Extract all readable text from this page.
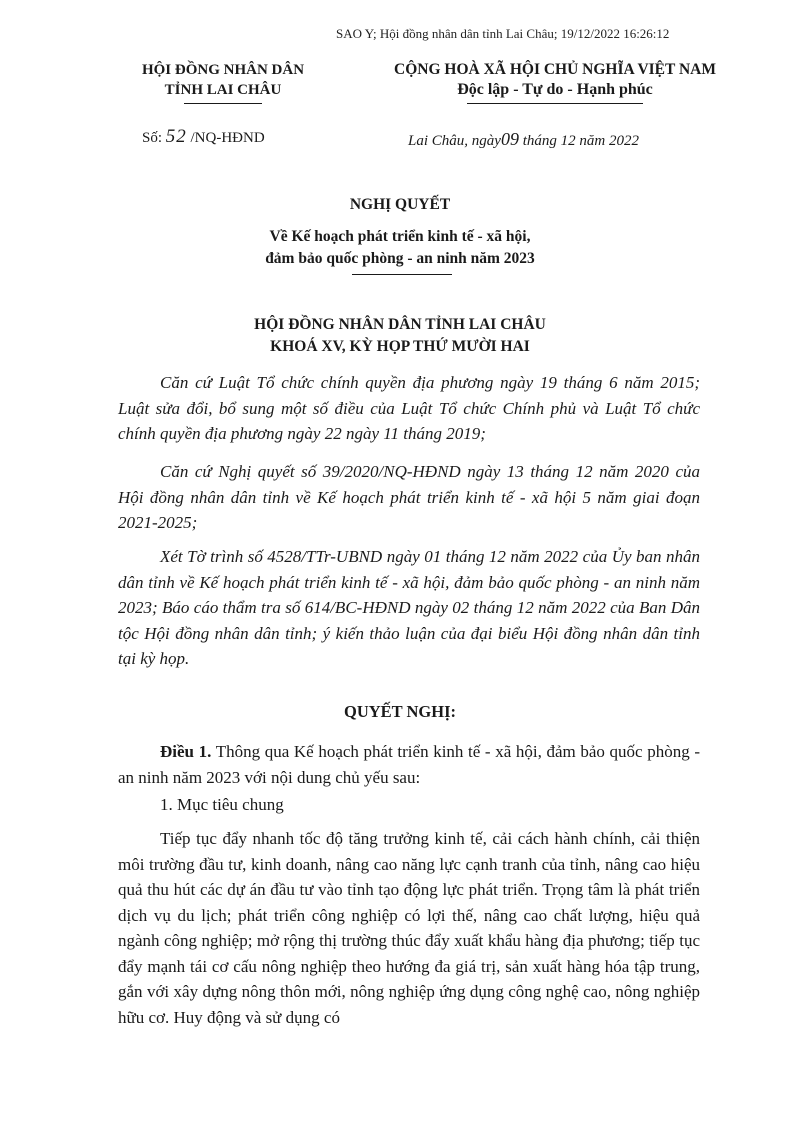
SAO Y; Hội đồng nhân dân tỉnh Lai Châu; 19/12/2022 16:26:12
HỘI ĐỒNG NHÂN DÂN
TỈNH LAI CHÂU
CỘNG HOÀ XÃ HỘI CHỦ NGHĨA VIỆT NAM
Độc lập - Tự do - Hạnh phúc
Số: 52 /NQ-HĐND	Lai Châu, ngày09 tháng 12 năm 2022
NGHỊ QUYẾT
Về Kế hoạch phát triển kinh tế - xã hội,
đảm bảo quốc phòng - an ninh năm 2023
HỘI ĐỒNG NHÂN DÂN TỈNH LAI CHÂU
KHOÁ XV, KỲ HỌP THỨ MƯỜI HAI

Căn cứ Luật Tổ chức chính quyền địa phương ngày 19 tháng 6 năm 2015; Luật sửa đổi, bổ sung một số điều của Luật Tổ chức Chính phủ và Luật Tổ chức chính quyền địa phương ngày 22 ngày 11 tháng 2019;

Căn cứ Nghị quyết số 39/2020/NQ-HĐND ngày 13 tháng 12 năm 2020 của Hội đồng nhân dân tỉnh về Kế hoạch phát triển kinh tế - xã hội 5 năm giai đoạn 2021-2025;

Xét Tờ trình số 4528/TTr-UBND ngày 01 tháng 12 năm 2022 của Ủy ban nhân dân tỉnh về Kế hoạch phát triển kinh tế - xã hội, đảm bảo quốc phòng - an ninh năm 2023; Báo cáo thẩm tra số 614/BC-HĐND ngày 02 tháng 12 năm 2022 của Ban Dân tộc Hội đồng nhân dân tỉnh; ý kiến thảo luận của đại biểu Hội đồng nhân dân tỉnh tại kỳ họp.

QUYẾT NGHỊ:

Điều 1. Thông qua Kế hoạch phát triển kinh tế - xã hội, đảm bảo quốc phòng - an ninh năm 2023 với nội dung chủ yếu sau:

1. Mục tiêu chung

Tiếp tục đẩy nhanh tốc độ tăng trưởng kinh tế, cải cách hành chính, cải thiện môi trường đầu tư, kinh doanh, nâng cao năng lực cạnh tranh của tỉnh, nâng cao hiệu quả thu hút các dự án đầu tư vào tỉnh tạo động lực phát triển. Trọng tâm là phát triển dịch vụ du lịch; phát triển công nghiệp có lợi thế, nâng cao chất lượng, hiệu quả ngành công nghiệp; mở rộng thị trường thúc đẩy xuất khẩu hàng địa phương; tiếp tục đẩy mạnh tái cơ cấu nông nghiệp theo hướng đa giá trị, sản xuất hàng hóa tập trung, gắn với xây dựng nông thôn mới, nông nghiệp ứng dụng công nghệ cao, nông nghiệp hữu cơ. Huy động và sử dụng có
